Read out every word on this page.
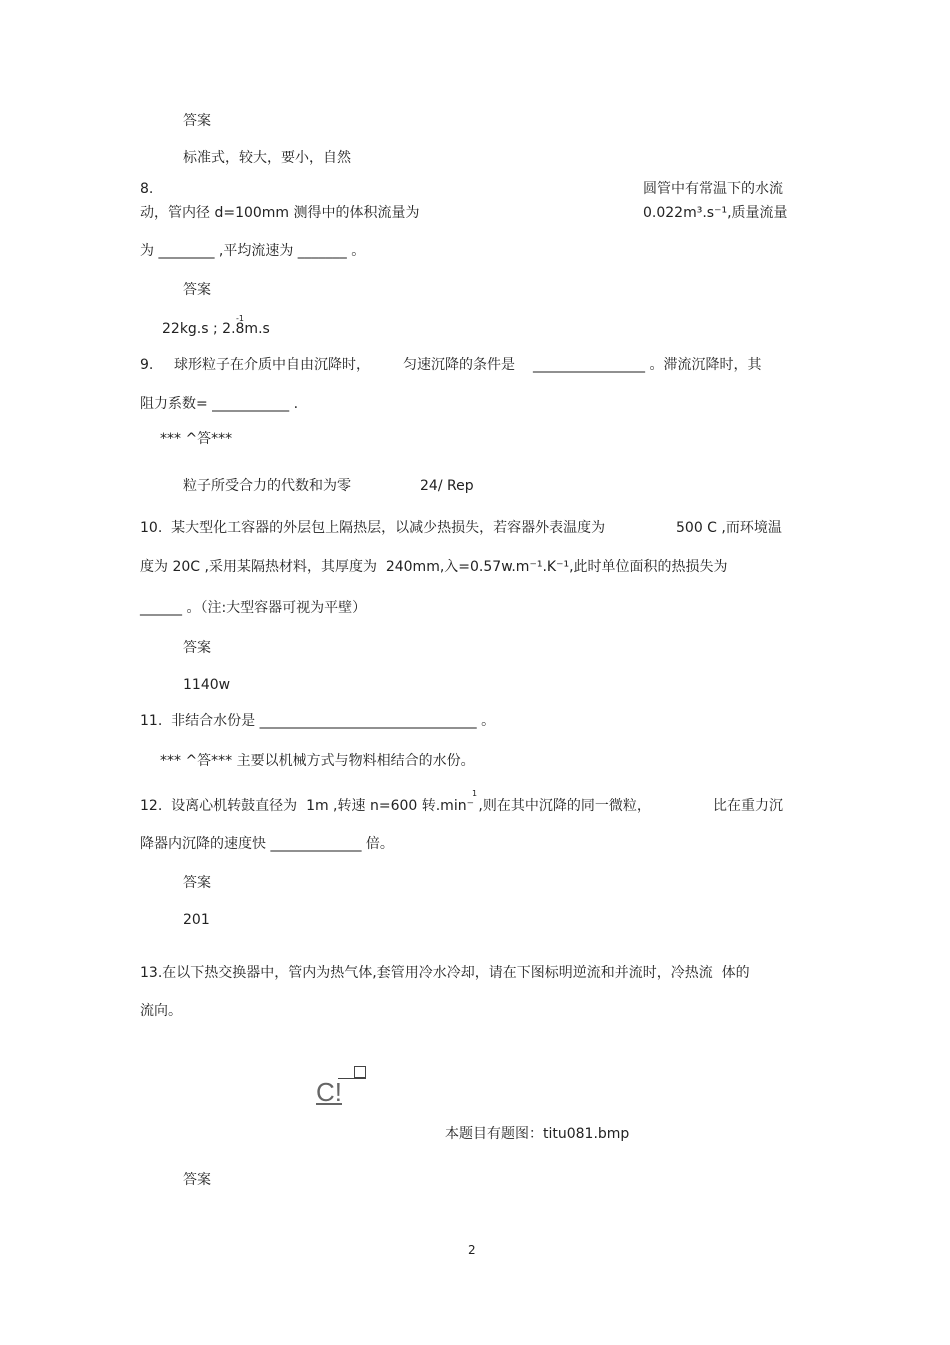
答案
标准式，较大，要小，自然
8.	圆管中有常温下的水流
动，管内径 d=100mm 测得中的体积流量为	0.022m³.s⁻¹,质量流量
为 ________ ,平均流速为 _______ 。
答案
-1
22kg.s ; 2.8m.s
9. 球形粒子在介质中自由沉降时， 匀速沉降的条件是 ________________ 。滞流沉降时，其
阻力系数= ___________ .
*** ^答***
粒子所受合力的代数和为零	24/ Rep
10.  某大型化工容器的外层包上隔热层，以减少热损失，若容器外表温度为	500 C ,而环境温
度为 20C ,采用某隔热材料，其厚度为  240mm,入=0.57w.m⁻¹.K⁻¹,此时单位面积的热损失为
______ 。（注:大型容器可视为平壁）
答案
1140w
11.  非结合水份是 _______________________________ 。
*** ^答*** 主要以机械方式与物料相结合的水份。
1
12.  设离心机转鼓直径为  1m ,转速 n=600 转.min⁻ ,则在其中沉降的同一微粒，	比在重力沉
降器内沉降的速度快 _____________ 倍。
答案
201
13.在以下热交换器中，管内为热气体,套管用冷水冷却，请在下图标明逆流和并流时，冷热流  体的
流向。
C!
本题目有题图：titu081.bmp
答案
2
